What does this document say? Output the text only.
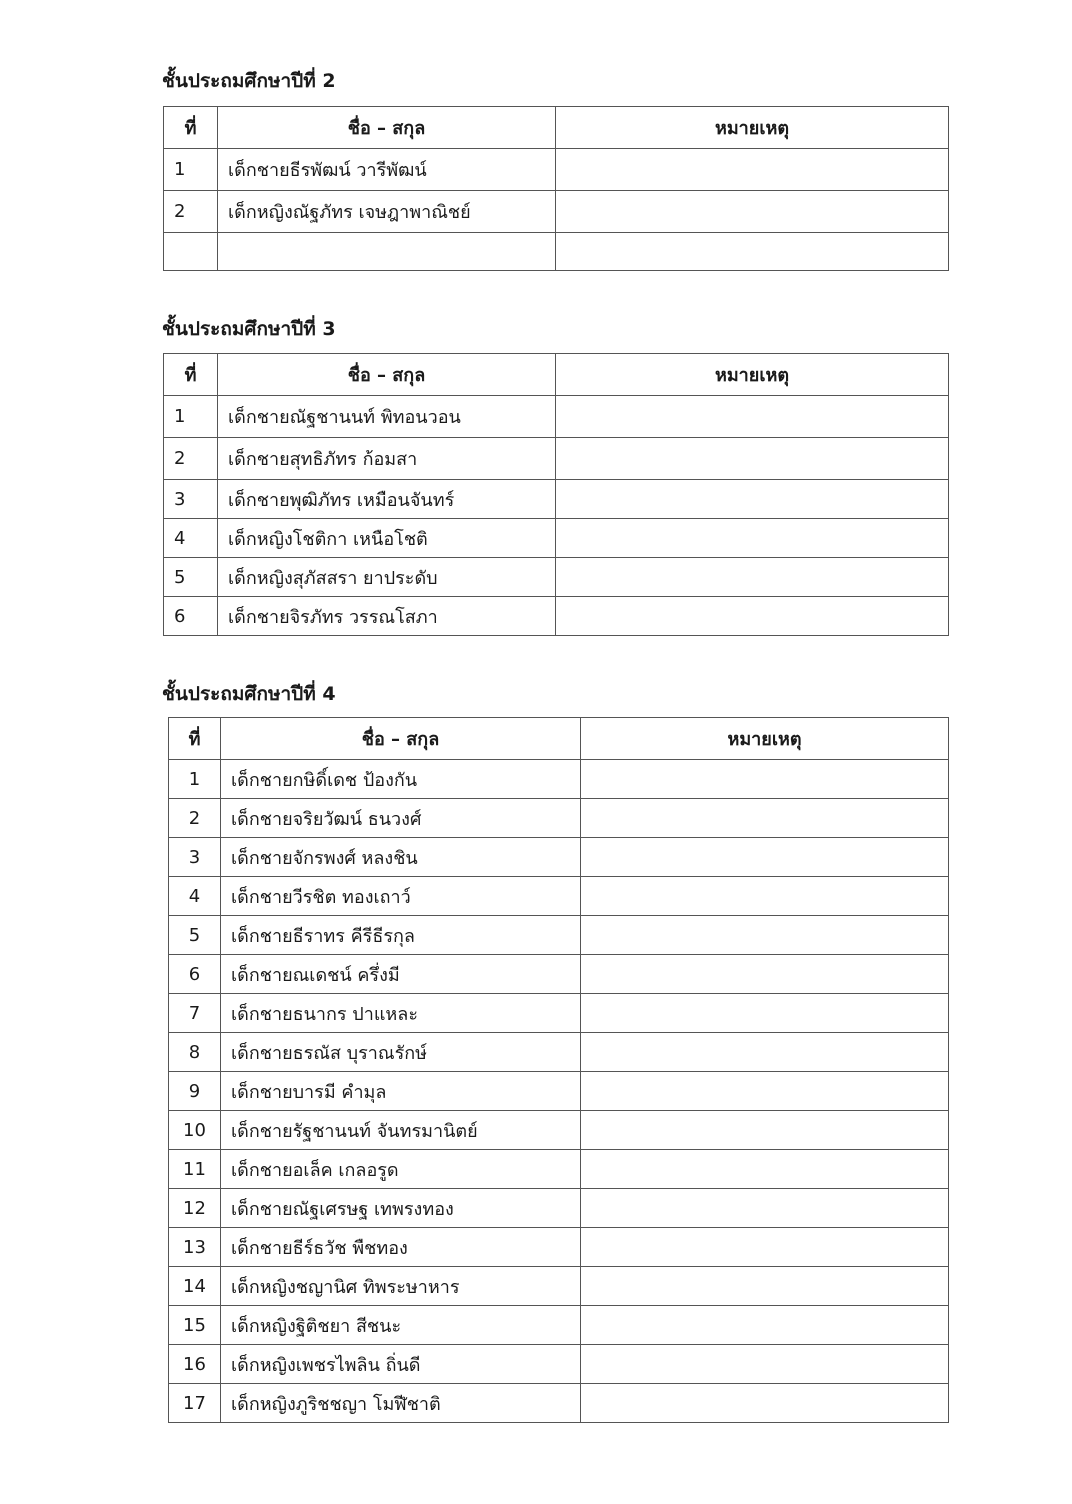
ชั้นประถมศึกษาปีที่ 2
ที่	ชื่อ – สกุล	หมายเหตุ
1	เด็กชายธีรพัฒน์ วารีพัฒน์	
2	เด็กหญิงณัฐภัทร เจษฎาพาณิชย์	

ชั้นประถมศึกษาปีที่ 3
ที่	ชื่อ – สกุล	หมายเหตุ
1	เด็กชายณัฐชานนท์ พิทอนวอน	
2	เด็กชายสุทธิภัทร ก้อมสา	
3	เด็กชายพุฒิภัทร เหมือนจันทร์	
4	เด็กหญิงโชติกา เหนือโชติ	
5	เด็กหญิงสุภัสสรา ยาประดับ	
6	เด็กชายจิรภัทร วรรณโสภา	
ชั้นประถมศึกษาปีที่ 4
ที่	ชื่อ – สกุล	หมายเหตุ
1	เด็กชายกษิดิ์เดช ป้องกัน	
2	เด็กชายจริยวัฒน์ ธนวงศ์	
3	เด็กชายจักรพงศ์ หลงชิน	
4	เด็กชายวีรชิต ทองเถาว์	
5	เด็กชายธีราทร คีรีธีรกุล	
6	เด็กชายณเดชน์ ครึ่งมี	
7	เด็กชายธนากร ปาแหละ	
8	เด็กชายธรณัส บุราณรักษ์	
9	เด็กชายบารมี คำมุล	
10	เด็กชายรัฐชานนท์ จันทรมานิตย์	
11	เด็กชายอเล็ค เกลอรูด	
12	เด็กชายณัฐเศรษฐ เทพรงทอง	
13	เด็กชายธีร์ธวัช พืชทอง	
14	เด็กหญิงชญานิศ ทิพระษาหาร	
15	เด็กหญิงฐิติชยา สีชนะ	
16	เด็กหญิงเพชรไพลิน ถิ่นดี	
17	เด็กหญิงภูริชชญา โมฬีชาติ	
